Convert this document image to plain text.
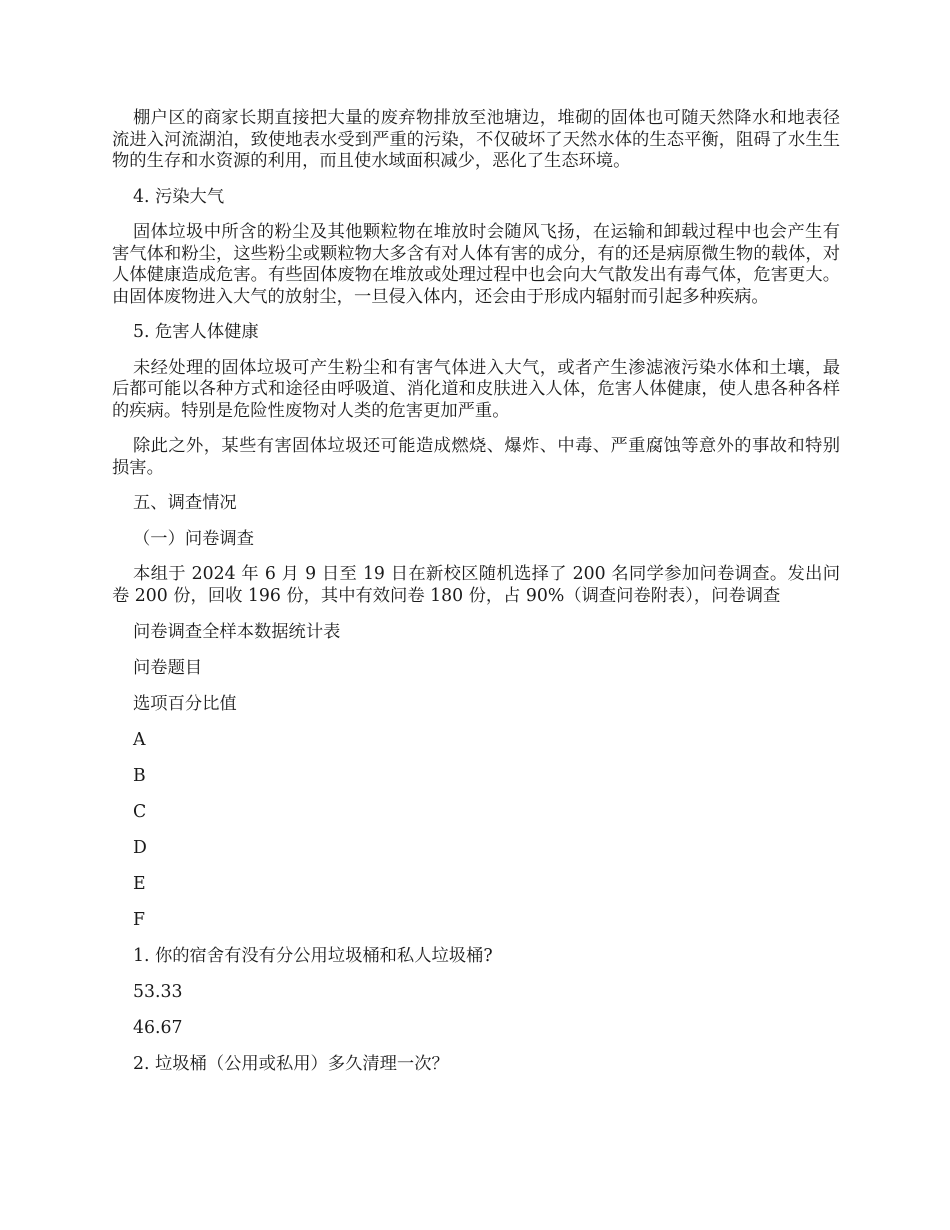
棚户区的商家长期直接把大量的废弃物排放至池塘边，堆砌的固体也可随天然降水和地表径流进入河流湖泊，致使地表水受到严重的污染，不仅破坏了天然水体的生态平衡，阻碍了水生生物的生存和水资源的利用，而且使水域面积减少，恶化了生态环境。

4. 污染大气

固体垃圾中所含的粉尘及其他颗粒物在堆放时会随风飞扬，在运输和卸载过程中也会产生有害气体和粉尘，这些粉尘或颗粒物大多含有对人体有害的成分，有的还是病原微生物的载体，对人体健康造成危害。有些固体废物在堆放或处理过程中也会向大气散发出有毒气体，危害更大。由固体废物进入大气的放射尘，一旦侵入体内，还会由于形成内辐射而引起多种疾病。

5. 危害人体健康

未经处理的固体垃圾可产生粉尘和有害气体进入大气，或者产生渗滤液污染水体和土壤，最后都可能以各种方式和途径由呼吸道、消化道和皮肤进入人体，危害人体健康，使人患各种各样的疾病。特别是危险性废物对人类的危害更加严重。

除此之外，某些有害固体垃圾还可能造成燃烧、爆炸、中毒、严重腐蚀等意外的事故和特别损害。

五、调查情况

（一）问卷调查

本组于 2024 年 6 月 9 日至 19 日在新校区随机选择了 200 名同学参加问卷调查。发出问卷 200 份，回收 196 份，其中有效问卷 180 份，占 90%（调查问卷附表），问卷调查

问卷调查全样本数据统计表

问卷题目

选项百分比值

A

B

C

D

E

F

1. 你的宿舍有没有分公用垃圾桶和私人垃圾桶?

53.33

46.67

2. 垃圾桶（公用或私用）多久清理一次？
